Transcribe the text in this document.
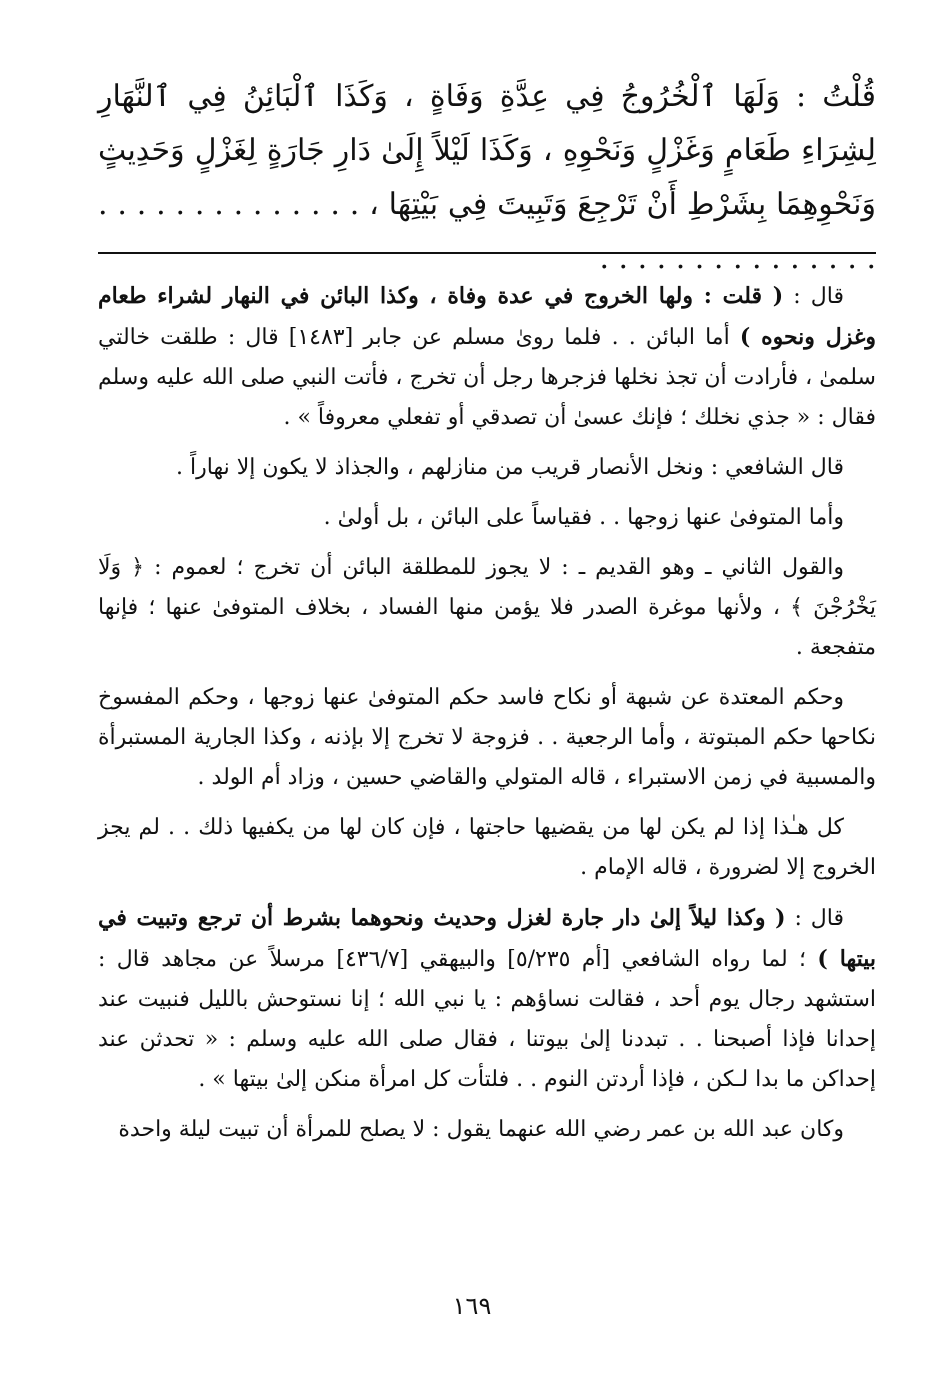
قُلْتُ : وَلَهَا ٱلْخُرُوجُ فِي عِدَّةِ وَفَاةٍ ، وَكَذَا ٱلْبَائِنُ فِي ٱلنَّهَارِ لِشِرَاءِ طَعَامٍ وَغَزْلٍ وَنَحْوِهِ ، وَكَذَا لَيْلاً إِلَىٰ دَارِ جَارَةٍ لِغَزْلٍ وَحَدِيثٍ وَنَحْوِهِمَا بِشَرْطِ أَنْ تَرْجِعَ وَتَبِيتَ فِي بَيْتِهَا ، . . . . . . . . . . . . . . . . . . . . . . . . . . . . .

قال : ( قلت : ولها الخروج في عدة وفاة ، وكذا البائن في النهار لشراء طعام وغزل ونحوه ) أما البائن . . فلما روىٰ مسلم عن جابر [١٤٨٣] قال : طلقت خالتي سلمىٰ ، فأرادت أن تجذ نخلها فزجرها رجل أن تخرج ، فأتت النبي صلى الله عليه وسلم فقال : « جذي نخلك ؛ فإنك عسىٰ أن تصدقي أو تفعلي معروفاً » .

قال الشافعي : ونخل الأنصار قريب من منازلهم ، والجذاذ لا يكون إلا نهاراً .

وأما المتوفىٰ عنها زوجها . . فقياساً على البائن ، بل أولىٰ .

والقول الثاني ـ وهو القديم ـ : لا يجوز للمطلقة البائن أن تخرج ؛ لعموم : ﴿ وَلَا يَخْرُجْنَ ﴾ ، ولأنها موغرة الصدر فلا يؤمن منها الفساد ، بخلاف المتوفىٰ عنها ؛ فإنها متفجعة .

وحكم المعتدة عن شبهة أو نكاح فاسد حكم المتوفىٰ عنها زوجها ، وحكم المفسوخ نكاحها حكم المبتوتة ، وأما الرجعية . . فزوجة لا تخرج إلا بإذنه ، وكذا الجارية المستبرأة والمسبية في زمن الاستبراء ، قاله المتولي والقاضي حسين ، وزاد أم الولد .

كل هـٰذا إذا لم يكن لها من يقضيها حاجتها ، فإن كان لها من يكفيها ذلك . . لم يجز الخروج إلا لضرورة ، قاله الإمام .

قال : ( وكذا ليلاً إلىٰ دار جارة لغزل وحديث ونحوهما بشرط أن ترجع وتبيت في بيتها ) ؛ لما رواه الشافعي [أم ٥/٢٣٥] والبيهقي [٤٣٦/٧] مرسلاً عن مجاهد قال : استشهد رجال يوم أحد ، فقالت نساؤهم : يا نبي الله ؛ إنا نستوحش بالليل فنبيت عند إحدانا فإذا أصبحنا . . تبددنا إلىٰ بيوتنا ، فقال صلى الله عليه وسلم : « تحدثن عند إحداكن ما بدا لـكن ، فإذا أردتن النوم . . فلتأت كل امرأة منكن إلىٰ بيتها » .

وكان عبد الله بن عمر رضي الله عنهما يقول : لا يصلح للمرأة أن تبيت ليلة واحدة

١٦٩
